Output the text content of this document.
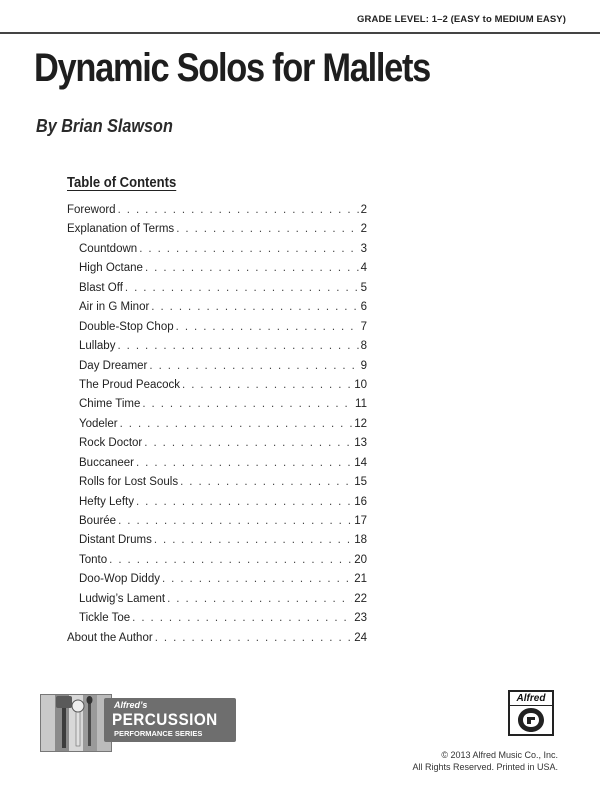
GRADE LEVEL: 1–2 (EASY to MEDIUM EASY)
Dynamic Solos for Mallets
By Brian Slawson
Table of Contents
Foreword . . .	2
Explanation of Terms . . .	2
Countdown . . .	3
High Octane . . .	4
Blast Off . . .	5
Air in G Minor . . .	6
Double-Stop Chop . . .	7
Lullaby . . .	8
Day Dreamer . . .	9
The Proud Peacock . . .	10
Chime Time . . .	11
Yodeler . . .	12
Rock Doctor . . .	13
Buccaneer . . .	14
Rolls for Lost Souls . . .	15
Hefty Lefty . . .	16
Bourée . . .	17
Distant Drums . . .	18
Tonto . . .	20
Doo-Wop Diddy . . .	21
Ludwig’s Lament . . .	22
Tickle Toe . . .	23
About the Author . . .	24
Alfred’s
PERCUSSION
PERFORMANCE SERIES
Alfred
© 2013 Alfred Music Co., Inc.
All Rights Reserved. Printed in USA.
